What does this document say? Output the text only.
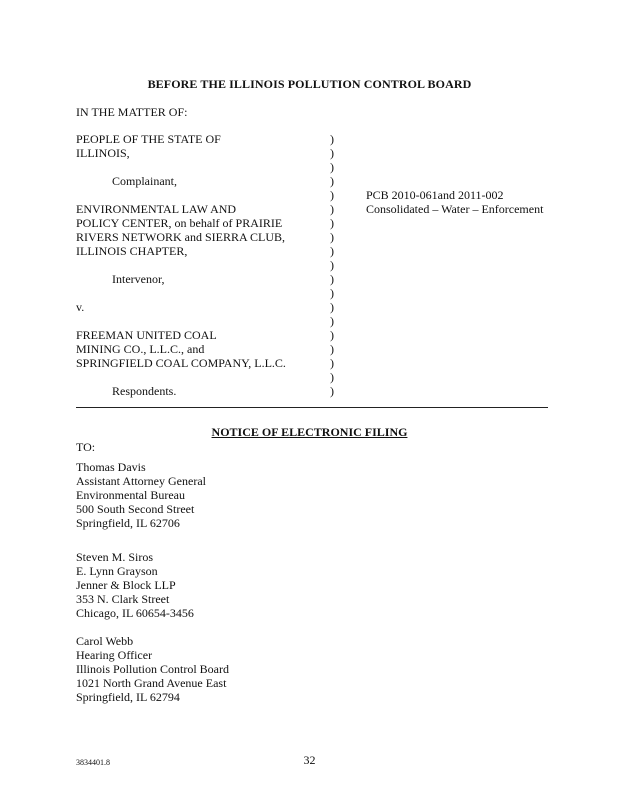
BEFORE THE ILLINOIS POLLUTION CONTROL BOARD
IN THE MATTER OF:
PEOPLE OF THE STATE OF
ILLINOIS,
Complainant,
ENVIRONMENTAL LAW AND
POLICY CENTER, on behalf of PRAIRIE
RIVERS NETWORK and SIERRA CLUB,
ILLINOIS CHAPTER,
Intervenor,
v.
FREEMAN UNITED COAL
MINING CO., L.L.C., and
SPRINGFIELD COAL COMPANY, L.L.C.
Respondents.
)
)
)
)
)
)
)
)
)
)
)
)
)
)
)
)
)
)
)
PCB 2010-061and 2011-002
Consolidated – Water – Enforcement
NOTICE OF ELECTRONIC FILING
TO:
Thomas Davis
Assistant Attorney General
Environmental Bureau
500 South Second Street
Springfield, IL 62706
Steven M. Siros
E. Lynn Grayson
Jenner & Block LLP
353 N. Clark Street
Chicago, IL 60654-3456
Carol Webb
Hearing Officer
Illinois Pollution Control Board
1021 North Grand Avenue East
Springfield, IL 62794
3834401.8	32
